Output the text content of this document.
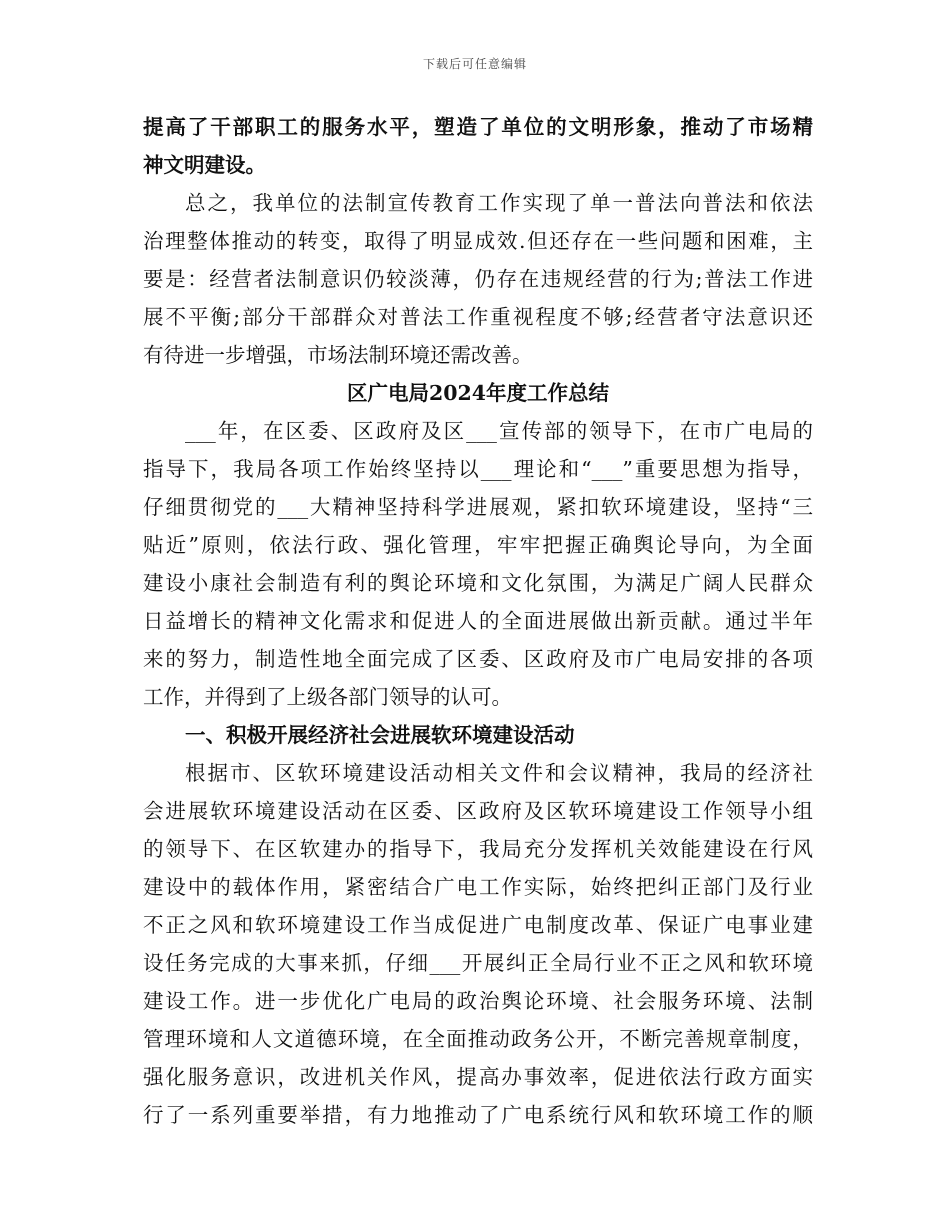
下载后可任意编辑
提高了干部职工的服务水平，塑造了单位的文明形象，推动了市场精
神文明建设。
总之，我单位的法制宣传教育工作实现了单一普法向普法和依法
治理整体推动的转变，取得了明显成效.但还存在一些问题和困难，主
要是：经营者法制意识仍较淡薄，仍存在违规经营的行为;普法工作进
展不平衡;部分干部群众对普法工作重视程度不够;经营者守法意识还
有待进一步增强，市场法制环境还需改善。
区广电局2024年度工作总结
___年，在区委、区政府及区___宣传部的领导下，在市广电局的
指导下，我局各项工作始终坚持以___理论和“___”重要思想为指导，
仔细贯彻党的___大精神坚持科学进展观，紧扣软环境建设，坚持“三
贴近”原则，依法行政、强化管理，牢牢把握正确舆论导向，为全面
建设小康社会制造有利的舆论环境和文化氛围，为满足广阔人民群众
日益增长的精神文化需求和促进人的全面进展做出新贡献。通过半年
来的努力，制造性地全面完成了区委、区政府及市广电局安排的各项
工作，并得到了上级各部门领导的认可。
一、积极开展经济社会进展软环境建设活动
根据市、区软环境建设活动相关文件和会议精神，我局的经济社
会进展软环境建设活动在区委、区政府及区软环境建设工作领导小组
的领导下、在区软建办的指导下，我局充分发挥机关效能建设在行风
建设中的载体作用，紧密结合广电工作实际，始终把纠正部门及行业
不正之风和软环境建设工作当成促进广电制度改革、保证广电事业建
设任务完成的大事来抓，仔细___开展纠正全局行业不正之风和软环境
建设工作。进一步优化广电局的政治舆论环境、社会服务环境、法制
管理环境和人文道德环境，在全面推动政务公开，不断完善规章制度，
强化服务意识，改进机关作风，提高办事效率，促进依法行政方面实
行了一系列重要举措，有力地推动了广电系统行风和软环境工作的顺
